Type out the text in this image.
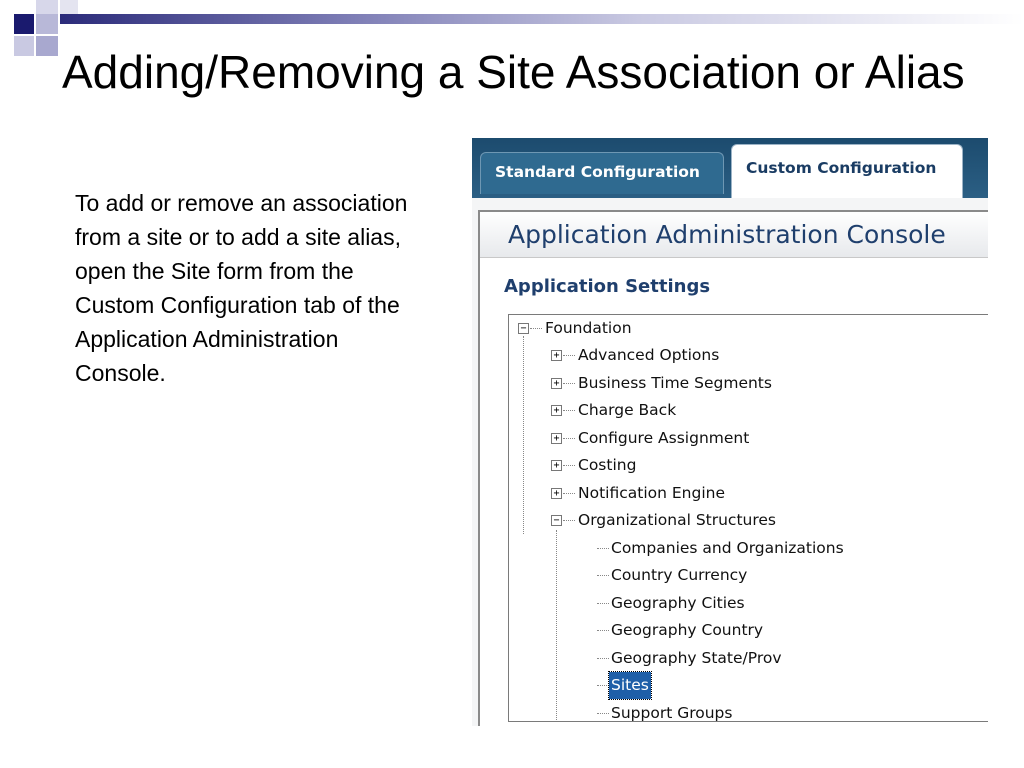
Adding/Removing a Site Association or Alias

To add or remove an association from a site or to add a site alias, open the Site form from the Custom Configuration tab of the Application Administration Console.

Standard Configuration	Custom Configuration
Application Administration Console
Application Settings
− Foundation
+ Advanced Options
+ Business Time Segments
+ Charge Back
+ Configure Assignment
+ Costing
+ Notification Engine
− Organizational Structures
Companies and Organizations
Country Currency
Geography Cities
Geography Country
Geography State/Prov
Sites
Support Groups
